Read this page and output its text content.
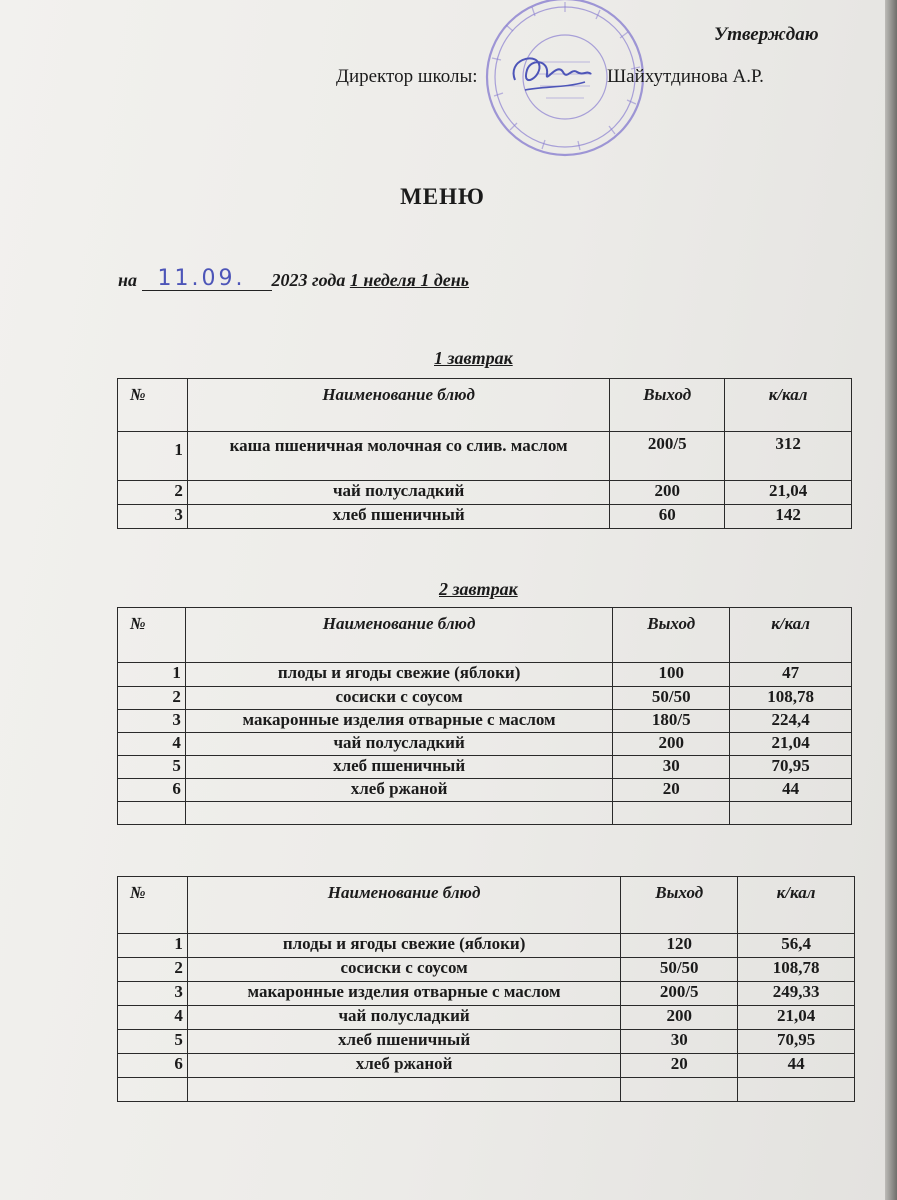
Утверждаю
Директор школы:	Шайхутдинова А.Р.
МЕНЮ
на 11.09. 2023 года 1 неделя 1 день
1 завтрак
№	Наименование блюд	Выход	к/кал
1	каша пшеничная молочная со слив. маслом	200/5	312
2	чай полусладкий	200	21,04
3	хлеб пшеничный	60	142
2 завтрак
№	Наименование блюд	Выход	к/кал
1	плоды и ягоды свежие (яблоки)	100	47
2	сосиски с соусом	50/50	108,78
3	макаронные изделия отварные с маслом	180/5	224,4
4	чай полусладкий	200	21,04
5	хлеб пшеничный	30	70,95
6	хлеб ржаной	20	44

№	Наименование блюд	Выход	к/кал
1	плоды и ягоды свежие (яблоки)	120	56,4
2	сосиски с соусом	50/50	108,78
3	макаронные изделия отварные с маслом	200/5	249,33
4	чай полусладкий	200	21,04
5	хлеб пшеничный	30	70,95
6	хлеб ржаной	20	44
